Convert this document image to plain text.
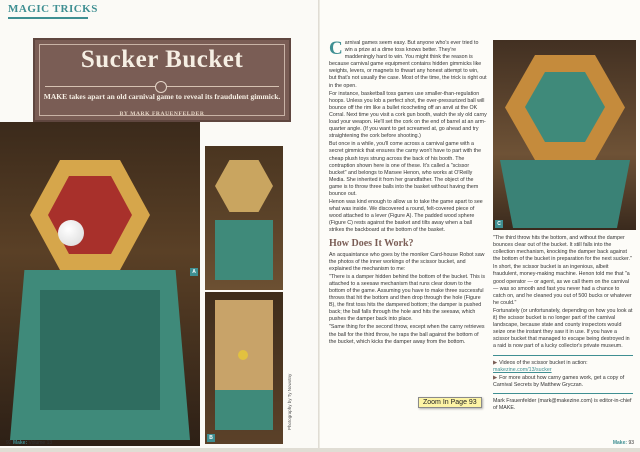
MAGIC TRICKS
Sucker Bucket
MAKE takes apart an old carnival game to reveal its fraudulent gimmick.
BY MARK FRAUENFELDER
A
B
Photography by Ty Nowotny
92 Make: Volume 13	Make: 93

Carnival games seem easy. But anyone who's ever tried to win a prize at a dime toss knows better. They're maddeningly hard to win. You might think the reason is because carnival game equipment contains hidden gimmicks like weights, levers, or magnets to thwart any honest attempt to win, but that's not usually the case. Most of the time, the trick is right out in the open.

For instance, basketball toss games use smaller-than-regulation hoops. Unless you lob a perfect shot, the over-pressurized ball will bounce off the rim like a bullet ricocheting off an anvil at the OK Corral. Next time you visit a cork gun booth, watch the sly old carny load your weapon. He'll set the cork on the end of barrel at an arm-quarter angle. (If you want to get screamed at, go ahead and try straightening the cork before shooting.)

But once in a while, you'll come across a carnival game with a secret gimmick that ensures the carny won't have to part with the cheap plush toys strung across the back of his booth. The contraption shown here is one of these. It's called a "scissor bucket" and belongs to Marsee Henon, who works at O'Reilly Media. She inherited it from her grandfather. The object of the game is to throw three balls into the basket without having them bounce out.

Henon was kind enough to allow us to take the game apart to see what was inside. We discovered a round, felt-covered piece of wood attached to a lever (Figure A). The padded wood sphere (Figure C) rests against the basket and tilts away when a ball strikes the backboard at the bottom of the basket.

How Does It Work?

An acquaintance who goes by the moniker Card-house Robot saw the photos of the inner workings of the scissor bucket, and explained the mechanism to me:

"There is a damper hidden behind the bottom of the bucket. This is attached to a seesaw mechanism that runs clear down to the bottom of the game. Assuming you have to make three successful throws that hit the bottom and then drop through the hole (Figure B), the first toss hits the dampered bottom; the damper is pushed back; the ball falls through the hole and hits the seesaw, which pushes the damper back into place.

"Same thing for the second throw, except when the carny retrieves the ball for the third throw, he raps the ball against the bottom of the bucket, which kicks the damper away from the bottom.

C

"The third throw hits the bottom, and without the damper bounces clear out of the bucket. It still falls into the collection mechanism, knocking the damper back against the bottom of the bucket in preparation for the next sucker."

In short, the scissor bucket is an ingenious, albeit fraudulent, money-making machine. Henon told me that "a good operator — or agent, as we call them on the carnival — was so smooth and fast you never had a chance to catch on, and he cleaned you out of 500 bucks or whatever he could."

Fortunately (or unfortunately, depending on how you look at it) the scissor bucket is no longer part of the carnival landscape, because state and county inspectors would seize one the instant they saw it in use. If you have a scissor bucket that managed to escape being destroyed in a raid is now part of a lucky collector's private museum.

▶ Videos of the scissor bucket in action:
makezine.com/13/sucker

▶ For more about how carny games work, get a copy of Carnival Secrets by Matthew Gryczan.

Mark Frauenfelder (mark@makezine.com) is editor-in-chief of MAKE.

Zoom In Page 93
